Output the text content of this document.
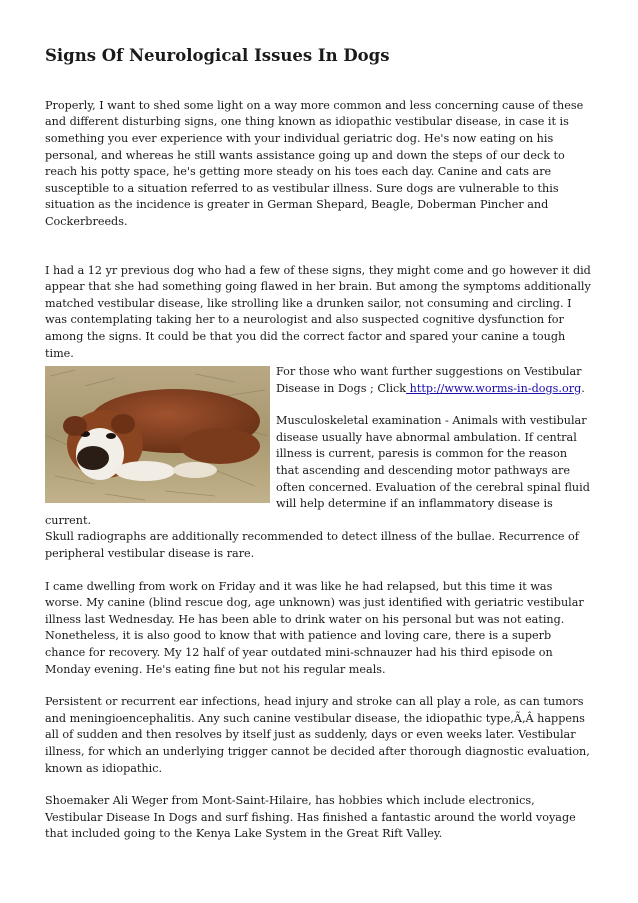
Signs Of Neurological Issues In Dogs

Properly, I want to shed some light on a way more common and less concerning cause of these and different disturbing signs, one thing known as idiopathic vestibular disease, in case it is something you ever experience with your individual geriatric dog. He's now eating on his personal, and whereas he still wants assistance going up and down the steps of our deck to reach his potty space, he's getting more steady on his toes each day. Canine and cats are susceptible to a situation referred to as vestibular illness. Sure dogs are vulnerable to this situation as the incidence is greater in German Shepard, Beagle, Doberman Pincher and Cockerbreeds.

I had a 12 yr previous dog who had a few of these signs, they might come and go however it did appear that she had something going flawed in her brain. But among the symptoms additionally matched vestibular disease, like strolling like a drunken sailor, not consuming and circling. I was contemplating taking her to a neurologist and also suspected cognitive dysfunction for among the signs. It could be that you did the correct factor and spared your canine a tough time.

For those who want further suggestions on Vestibular Disease in Dogs ; Click http://www.worms-in-dogs.org.

Musculoskeletal examination - Animals with vestibular disease usually have abnormal ambulation. If central illness is current, paresis is common for the reason that ascending and descending motor pathways are often concerned. Evaluation of the cerebral spinal fluid will help determine if an inflammatory disease is current.

Skull radiographs are additionally recommended to detect illness of the bullae. Recurrence of peripheral vestibular disease is rare.

I came dwelling from work on Friday and it was like he had relapsed, but this time it was worse. My canine (blind rescue dog, age unknown) was just identified with geriatric vestibular illness last Wednesday. He has been able to drink water on his personal but was not eating. Nonetheless, it is also good to know that with patience and loving care, there is a superb chance for recovery. My 12 half of year outdated mini-schnauzer had his third episode on Monday evening. He's eating fine but not his regular meals.

Persistent or recurrent ear infections, head injury and stroke can all play a role, as can tumors and meningioencephalitis. Any such canine vestibular disease, the idiopathic type,Ã‚Â happens all of sudden and then resolves by itself just as suddenly, days or even weeks later. Vestibular illness, for which an underlying trigger cannot be decided after thorough diagnostic evaluation, known as idiopathic.

Shoemaker Ali Weger from Mont-Saint-Hilaire, has hobbies which include electronics, Vestibular Disease In Dogs and surf fishing. Has finished a fantastic around the world voyage that included going to the Kenya Lake System in the Great Rift Valley.
